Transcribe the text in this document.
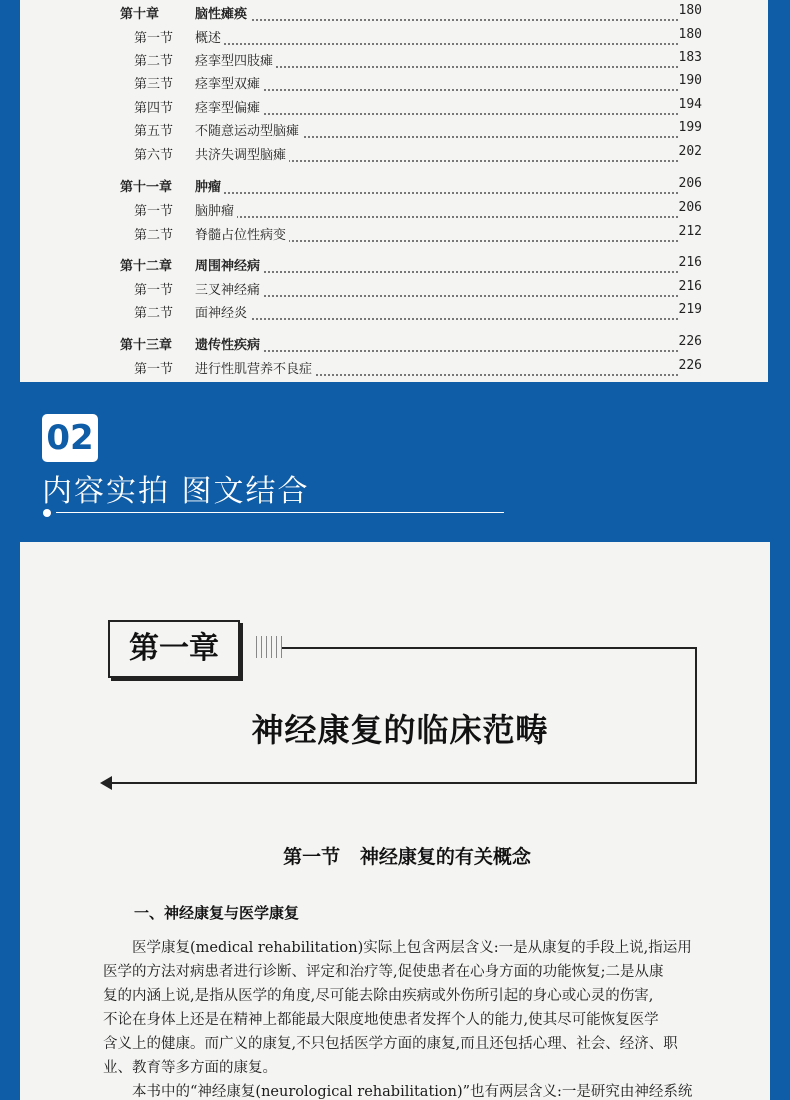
第十章	脑性瘫痪	180
第一节 概述	180
第二节 痉挛型四肢瘫	183
第三节 痉挛型双瘫	190
第四节 痉挛型偏瘫	194
第五节 不随意运动型脑瘫	199
第六节 共济失调型脑瘫	202
第十一章 肿瘤	206
第一节 脑肿瘤	206
第二节 脊髓占位性病变	212
第十二章 周围神经病	216
第一节 三叉神经痛	216
第二节 面神经炎	219
第十三章 遗传性疾病	226
第一节 进行性肌营养不良症	226
02
内容实拍 图文结合
第一章
神经康复的临床范畴
第一节   神经康复的有关概念
一、神经康复与医学康复
　　医学康复(medical rehabilitation)实际上包含两层含义:一是从康复的手段上说,指运用
医学的方法对病患者进行诊断、评定和治疗等,促使患者在心身方面的功能恢复;二是从康
复的内涵上说,是指从医学的角度,尽可能去除由疾病或外伤所引起的身心或心灵的伤害,
不论在身体上还是在精神上都能最大限度地使患者发挥个人的能力,使其尽可能恢复医学
含义上的健康。而广义的康复,不只包括医学方面的康复,而且还包括心理、社会、经济、职
业、教育等多方面的康复。
　　本书中的“神经康复(neurological rehabilitation)”也有两层含义:一是研究由神经系统
